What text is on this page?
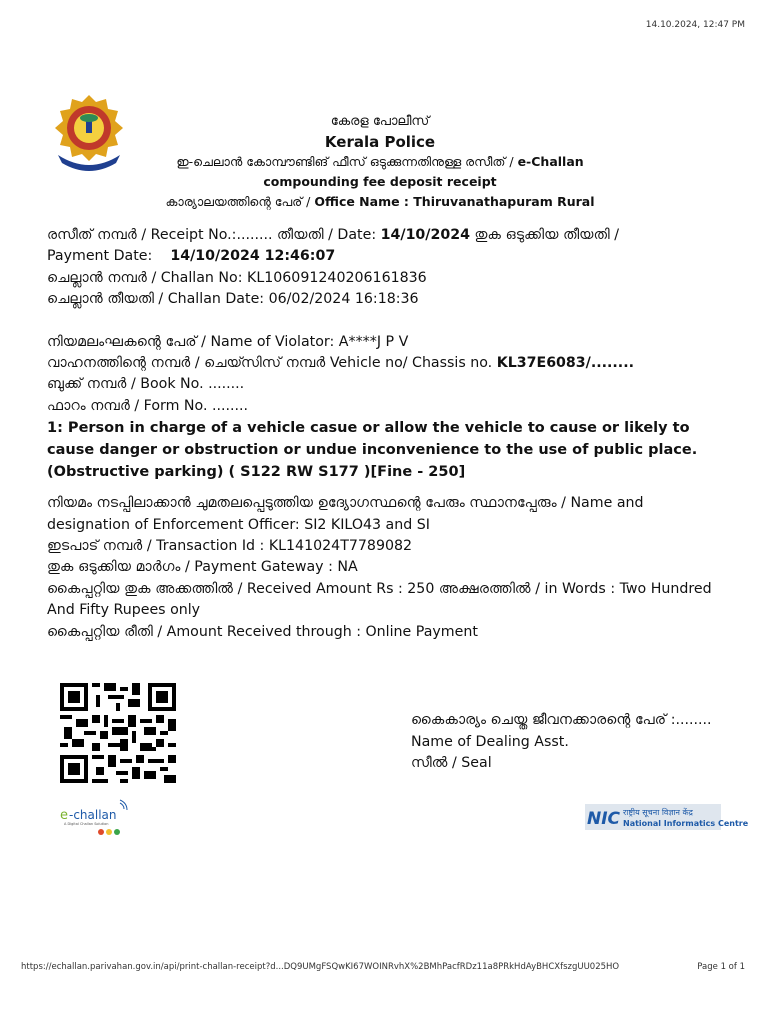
14.10.2024, 12:47 PM
കേരള പോലീസ്
Kerala Police
ഇ-ചെലാൻ കോമ്പൗണ്ടിങ് ഫീസ് ഒടുക്കുന്നതിനുള്ള രസീത് / e-Challan
compounding fee deposit receipt
കാര്യാലയത്തിന്റെ പേര് / Office Name : Thiruvanathapuram Rural

രസീത് നമ്പർ / Receipt No.:........ തീയതി / Date: 14/10/2024 തുക ഒടുക്കിയ തീയതി /

Payment Date: 14/10/2024 12:46:07

ചെല്ലാൻ നമ്പർ / Challan No: KL106091240206161836

ചെല്ലാൻ തീയതി / Challan Date: 06/02/2024 16:18:36

നിയമലംഘകന്റെ പേര് / Name of Violator: A****J P V

വാഹനത്തിന്റെ നമ്പർ / ചെയ്സിസ് നമ്പർ Vehicle no/ Chassis no. KL37E6083/........

ബുക്ക് നമ്പർ / Book No. ........

ഫാറം നമ്പർ / Form No. ........

1: Person in charge of a vehicle casue or allow the vehicle to cause or likely to cause danger or obstruction or undue inconvenience to the use of public place.(Obstructive parking) ( S122 RW S177 )[Fine - 250]

നിയമം നടപ്പിലാക്കാൻ ചുമതലപ്പെടുത്തിയ ഉദ്യോഗസ്ഥന്റെ പേരും സ്ഥാനപ്പേരും / Name and designation of Enforcement Officer: SI2 KILO43 and SI

ഇടപാട് നമ്പർ / Transaction Id : KL141024T7789082

തുക ഒടുക്കിയ മാർഗം / Payment Gateway : NA

കൈപ്പറ്റിയ തുക അക്കത്തിൽ / Received Amount Rs : 250 അക്ഷരത്തിൽ / in Words : Two Hundred And Fifty Rupees only

കൈപ്പറ്റിയ രീതി / Amount Received through : Online Payment

കൈകാര്യം ചെയ്ത ജീവനക്കാരന്റെ പേര് :........

Name of Dealing Asst.

സീൽ / Seal

e -challan
A Digital Challan Solution	NIC राष्ट्रीय सूचना विज्ञान केंद्र
National Informatics Centre
https://echallan.parivahan.gov.in/api/print-challan-receipt?d...DQ9UMgFSQwKI67WOINRvhX%2BMhPacfRDz11a8PRkHdAyBHCXfszgUU025HO	Page 1 of 1
